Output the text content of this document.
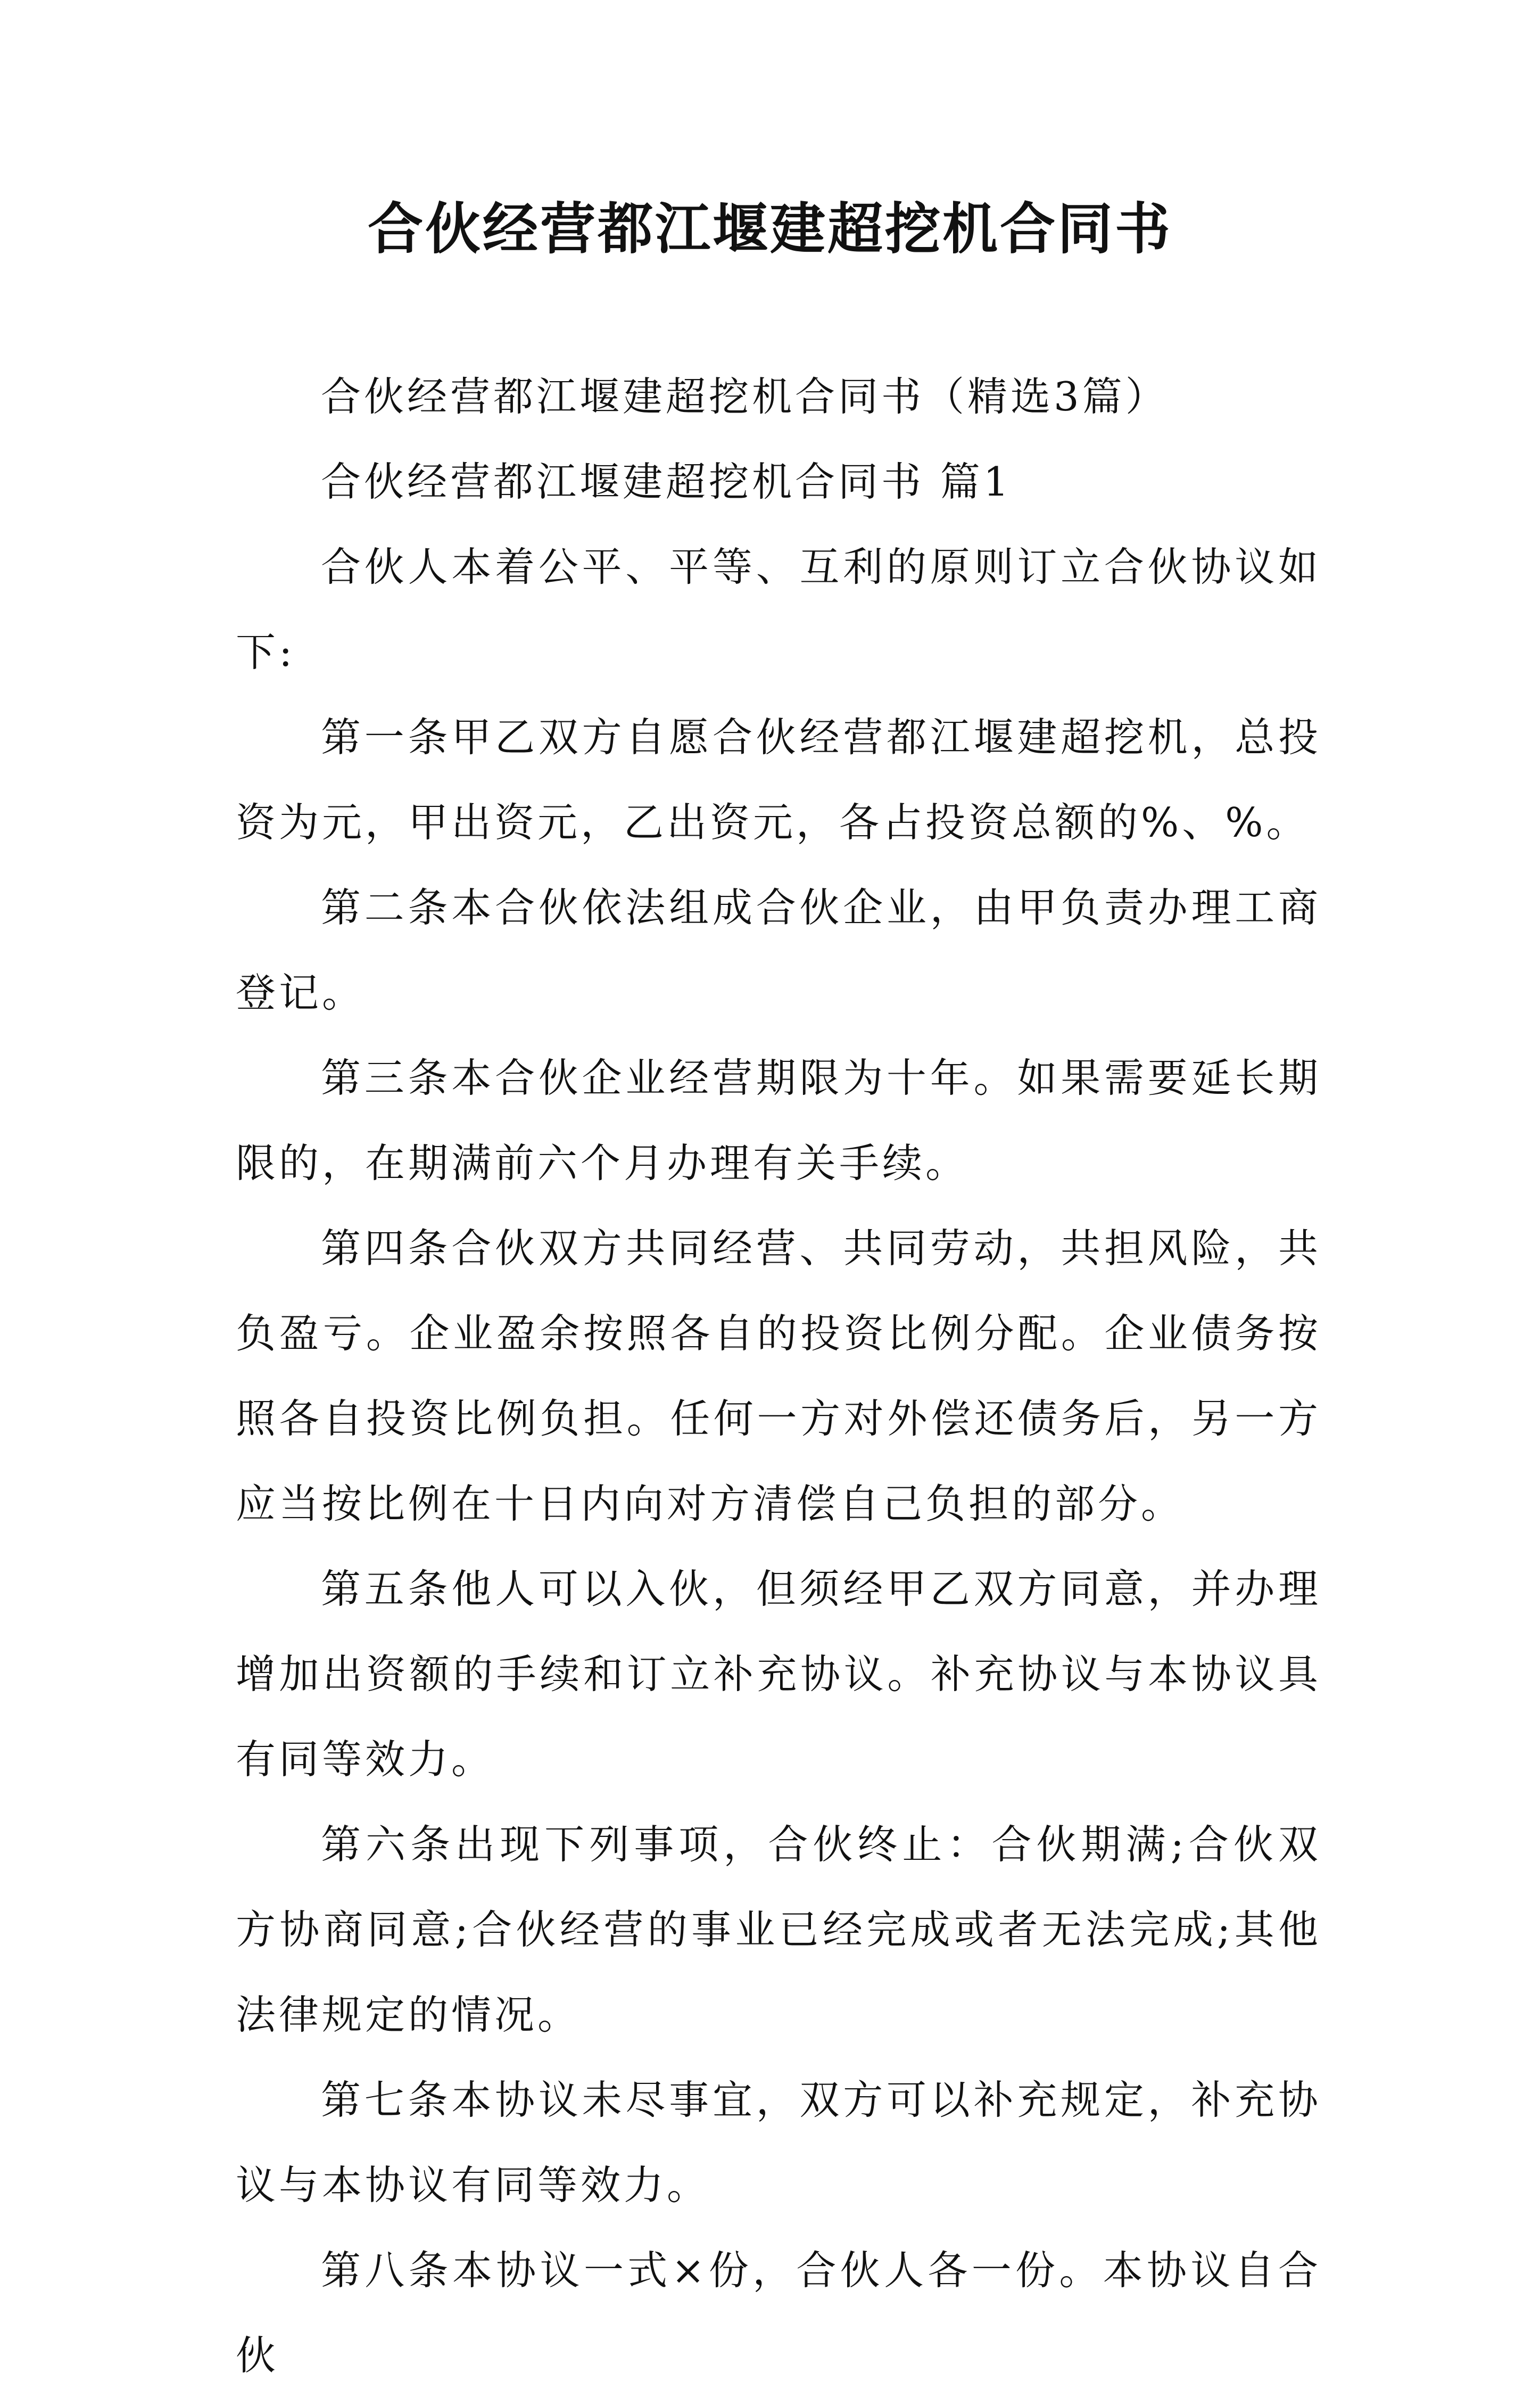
合伙经营都江堰建超挖机合同书

合伙经营都江堰建超挖机合同书（精选3篇）

合伙经营都江堰建超挖机合同书 篇1

合伙人本着公平、平等、互利的原则订立合伙协议如下:

第一条甲乙双方自愿合伙经营都江堰建超挖机，总投资为元，甲出资元，乙出资元，各占投资总额的%、%。

第二条本合伙依法组成合伙企业，由甲负责办理工商登记。

第三条本合伙企业经营期限为十年。如果需要延长期限的，在期满前六个月办理有关手续。

第四条合伙双方共同经营、共同劳动，共担风险，共负盈亏。企业盈余按照各自的投资比例分配。企业债务按照各自投资比例负担。任何一方对外偿还债务后，另一方应当按比例在十日内向对方清偿自己负担的部分。

第五条他人可以入伙，但须经甲乙双方同意，并办理增加出资额的手续和订立补充协议。补充协议与本协议具有同等效力。

第六条出现下列事项，合伙终止：合伙期满;合伙双方协商同意;合伙经营的事业已经完成或者无法完成;其他法律规定的情况。

第七条本协议未尽事宜，双方可以补充规定，补充协议与本协议有同等效力。

第八条本协议一式×份，合伙人各一份。本协议自合伙
